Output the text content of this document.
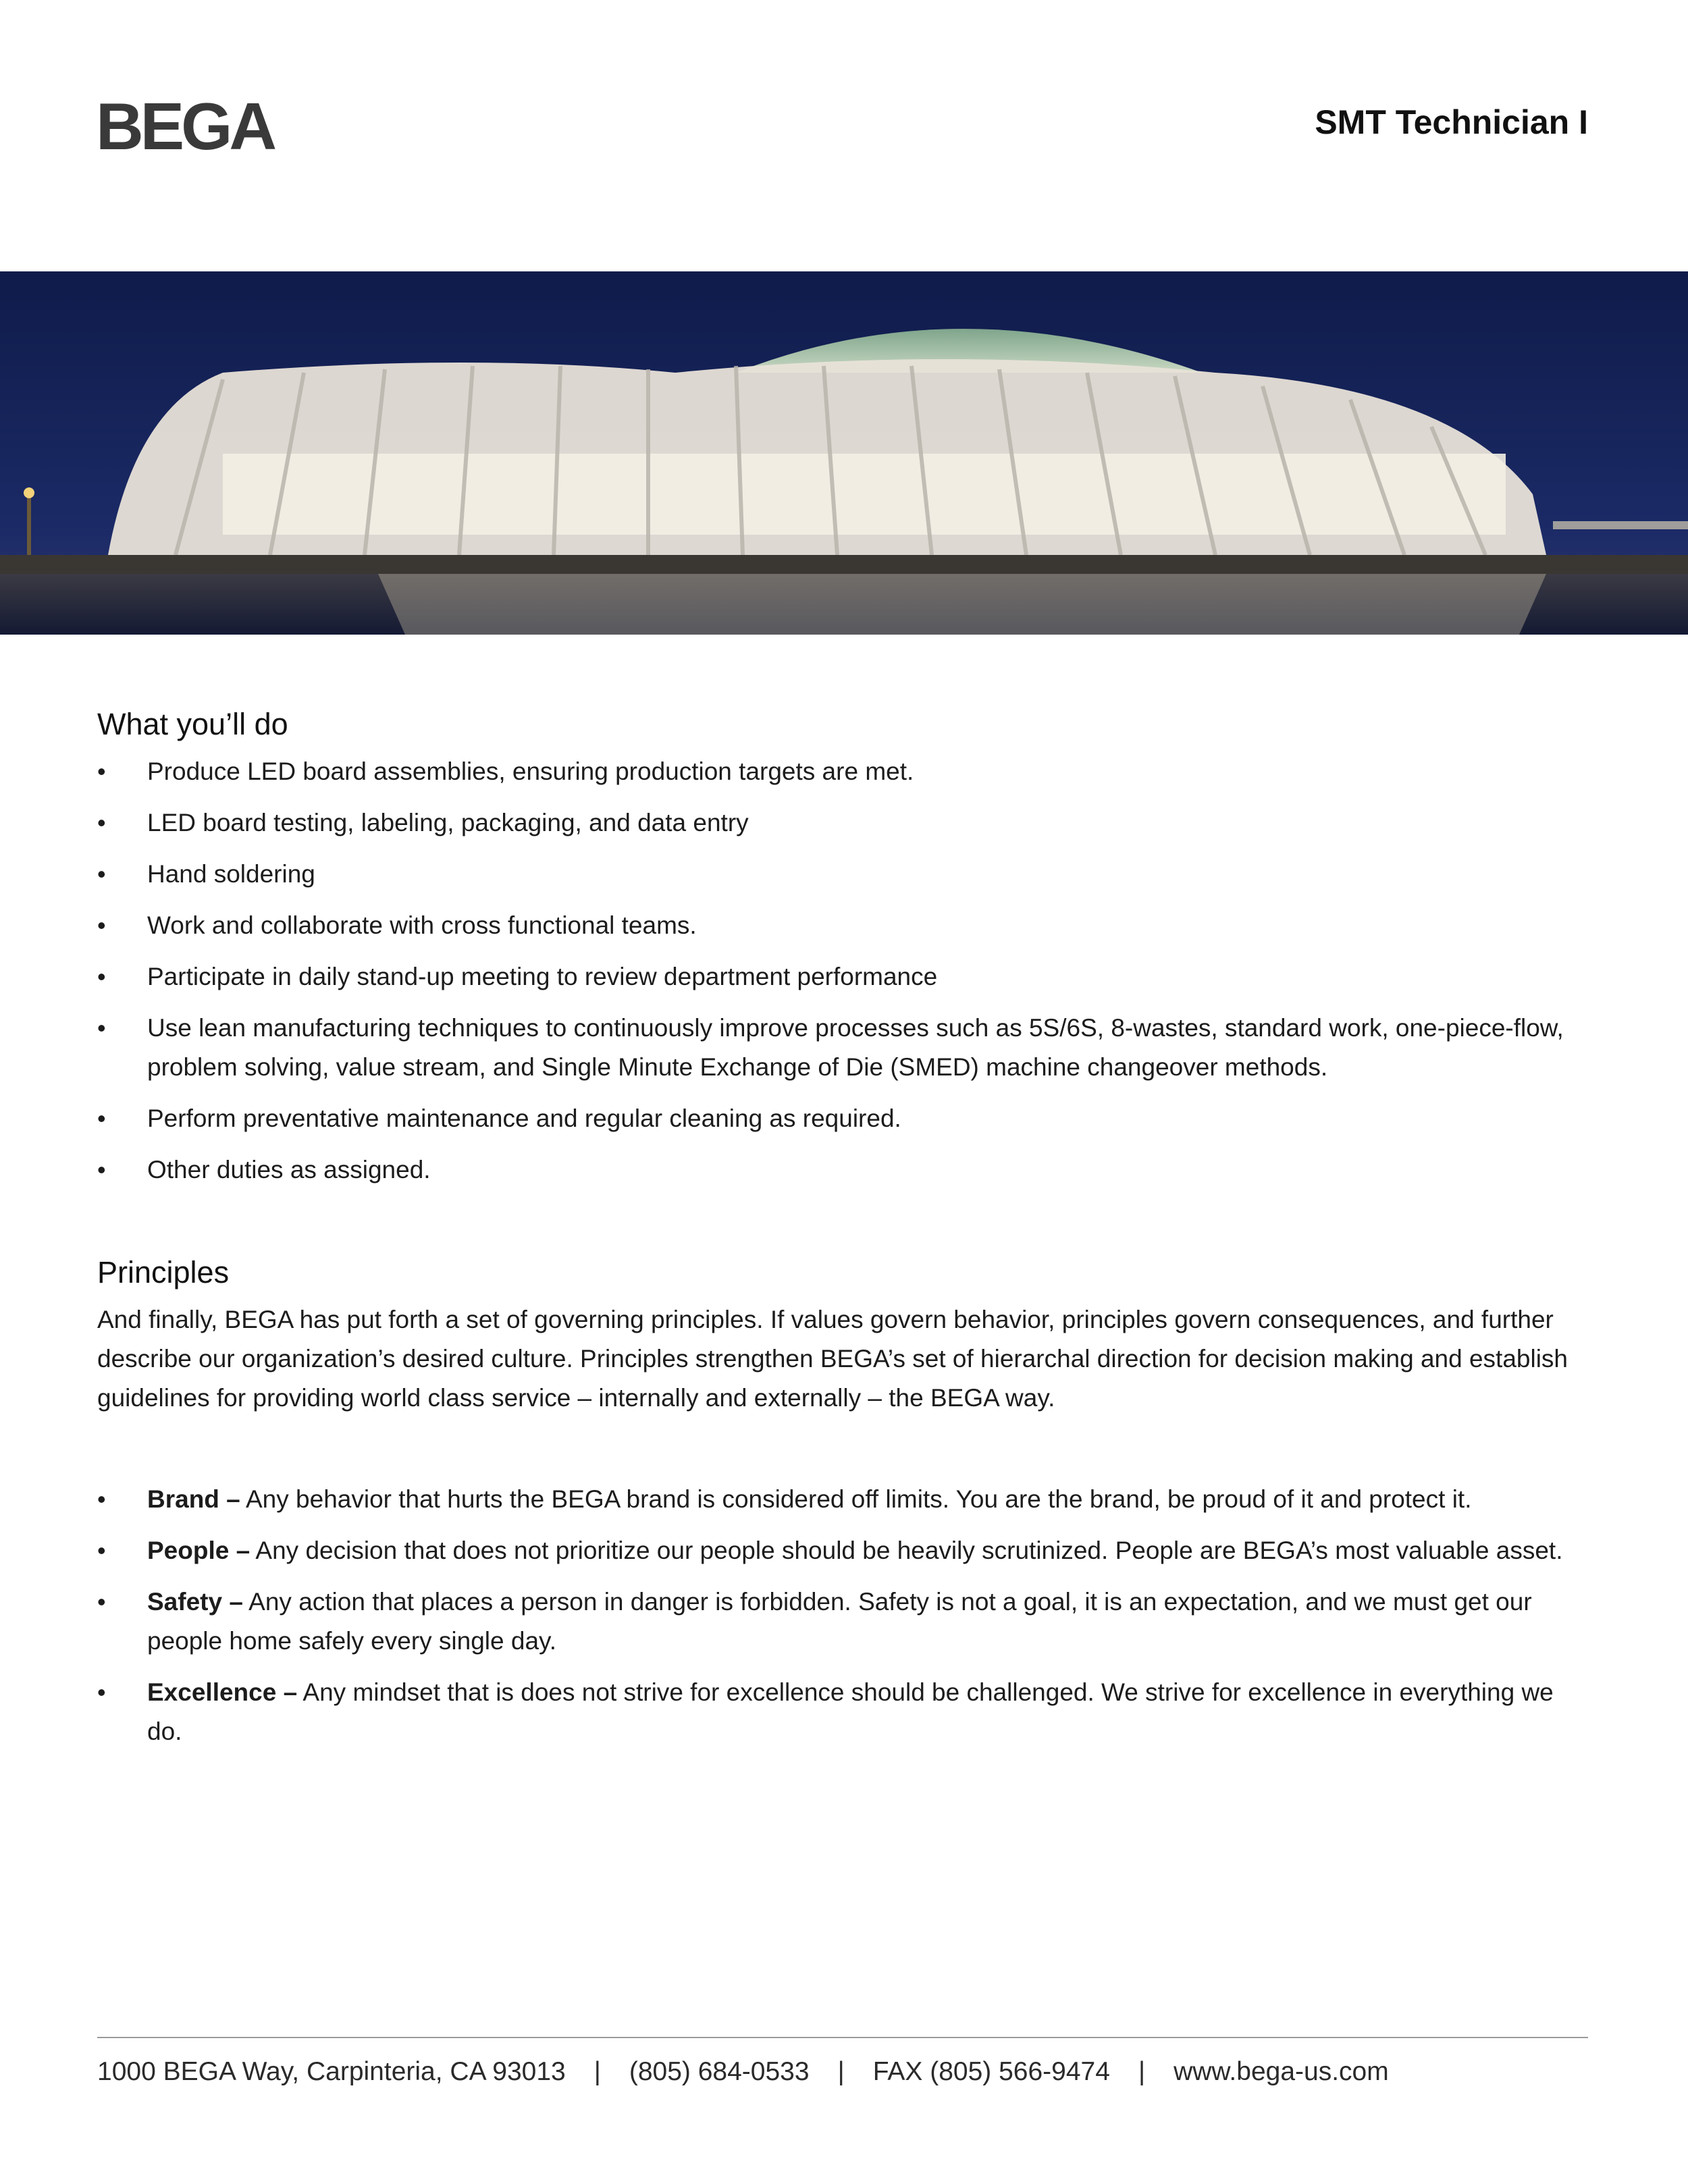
BEGA	SMT Technician I
What you’ll do
• Produce LED board assemblies, ensuring production targets are met.
• LED board testing, labeling, packaging, and data entry
• Hand soldering
• Work and collaborate with cross functional teams.
• Participate in daily stand-up meeting to review department performance
• Use lean manufacturing techniques to continuously improve processes such as 5S/6S, 8-wastes, standard work, one-piece-flow, problem solving, value stream, and Single Minute Exchange of Die (SMED) machine changeover methods.
• Perform preventative maintenance and regular cleaning as required.
• Other duties as assigned.
Principles

And finally, BEGA has put forth a set of governing principles. If values govern behavior, principles govern consequences, and further describe our organization’s desired culture. Principles strengthen BEGA’s set of hierarchal direction for decision making and establish guidelines for providing world class service – internally and externally – the BEGA way.

• Brand – Any behavior that hurts the BEGA brand is considered off limits. You are the brand, be proud of it and protect it.
• People – Any decision that does not prioritize our people should be heavily scrutinized. People are BEGA’s most valuable asset.
• Safety – Any action that places a person in danger is forbidden. Safety is not a goal, it is an expectation, and we must get our people home safely every single day.
• Excellence – Any mindset that is does not strive for excellence should be challenged. We strive for excellence in everything we do.
1000 BEGA Way, Carpinteria, CA 93013 | (805) 684-0533 | FAX (805) 566-9474 | www.bega-us.com
